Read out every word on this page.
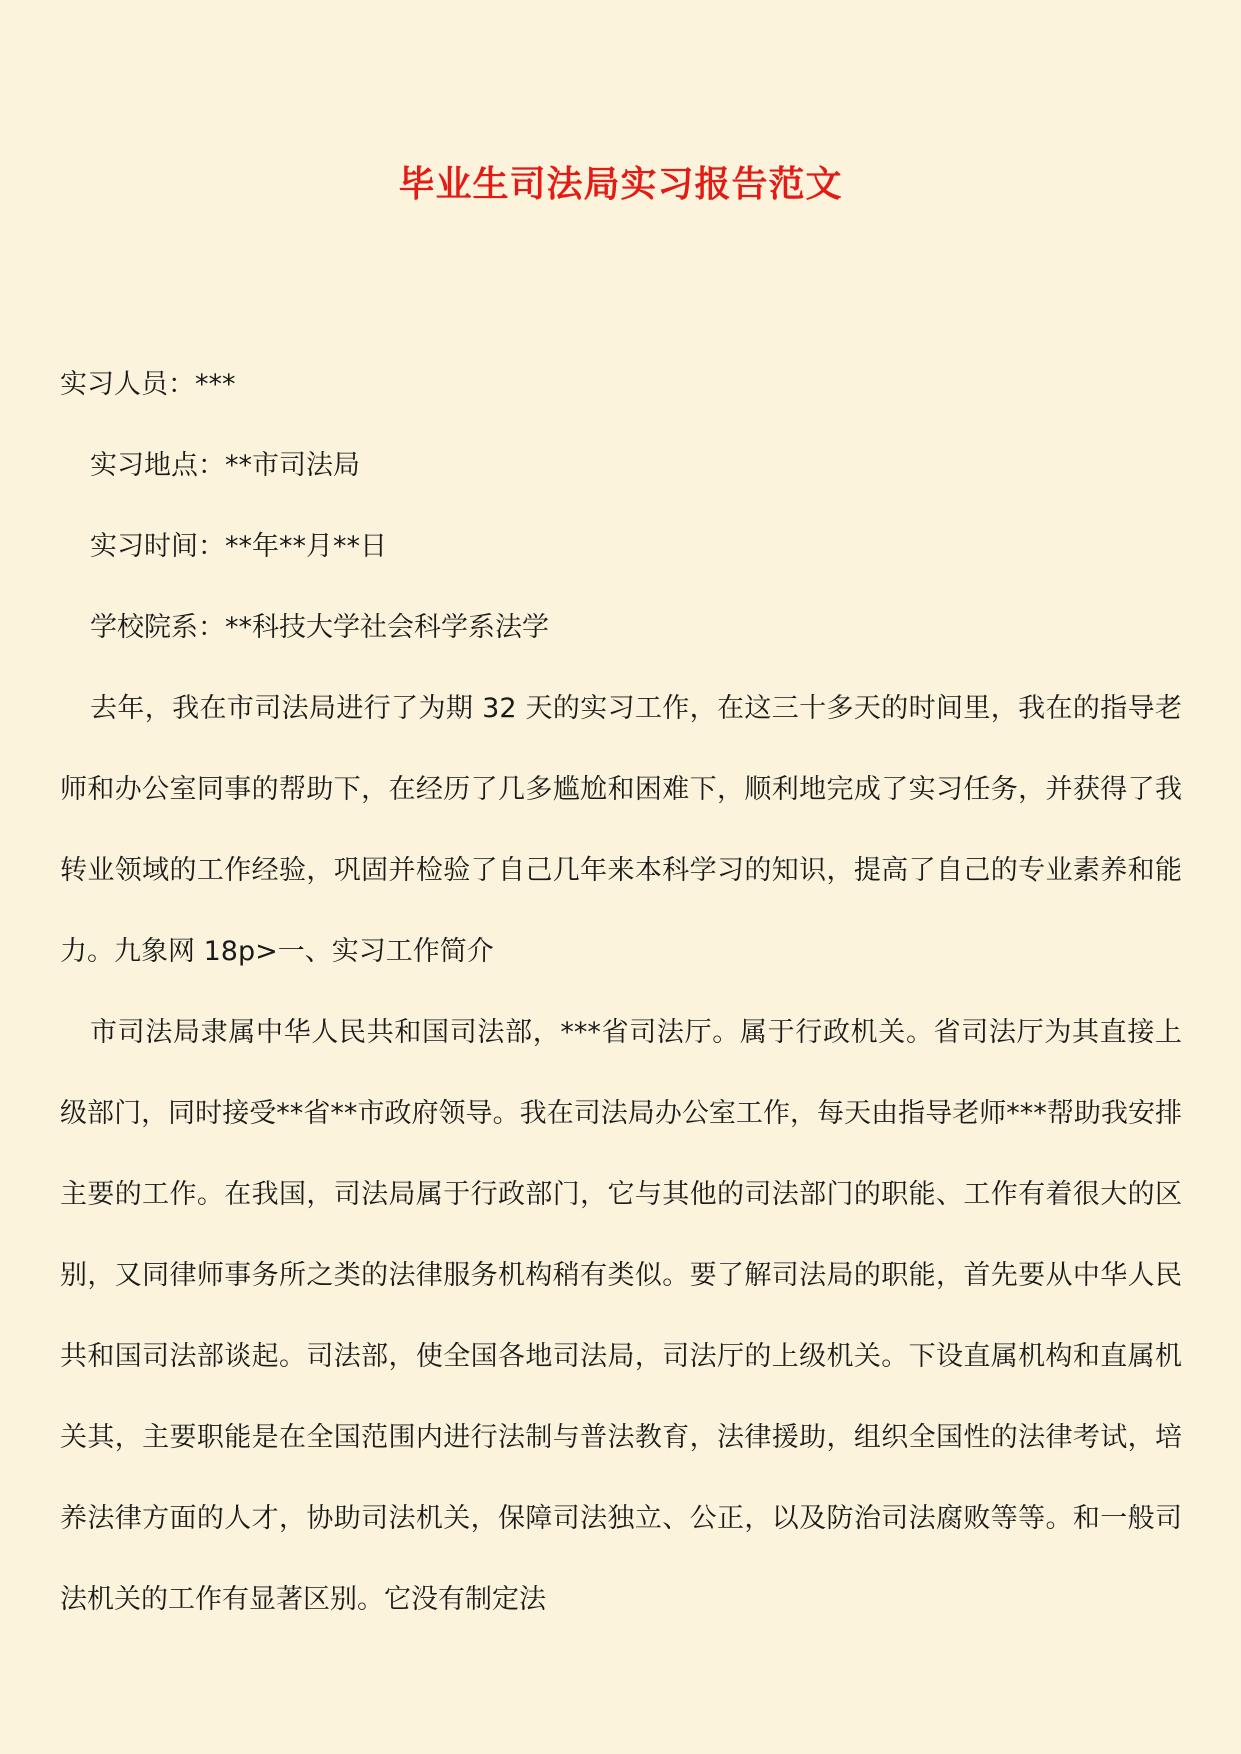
毕业生司法局实习报告范文

实习人员：***

实习地点：**市司法局

实习时间：**年**月**日

学校院系：**科技大学社会科学系法学

去年，我在市司法局进行了为期 32 天的实习工作，在这三十多天的时间里，我在的指导老师和办公室同事的帮助下，在经历了几多尴尬和困难下，顺利地完成了实习任务，并获得了我转业领域的工作经验，巩固并检验了自己几年来本科学习的知识，提高了自己的专业素养和能力。九象网 18p>一、实习工作简介

市司法局隶属中华人民共和国司法部，***省司法厅。属于行政机关。省司法厅为其直接上级部门，同时接受**省**市政府领导。我在司法局办公室工作，每天由指导老师***帮助我安排主要的工作。在我国，司法局属于行政部门，它与其他的司法部门的职能、工作有着很大的区别，又同律师事务所之类的法律服务机构稍有类似。要了解司法局的职能，首先要从中华人民共和国司法部谈起。司法部，使全国各地司法局，司法厅的上级机关。下设直属机构和直属机关其，主要职能是在全国范围内进行法制与普法教育，法律援助，组织全国性的法律考试，培养法律方面的人才，协助司法机关，保障司法独立、公正，以及防治司法腐败等等。和一般司法机关的工作有显著区别。它没有制定法
